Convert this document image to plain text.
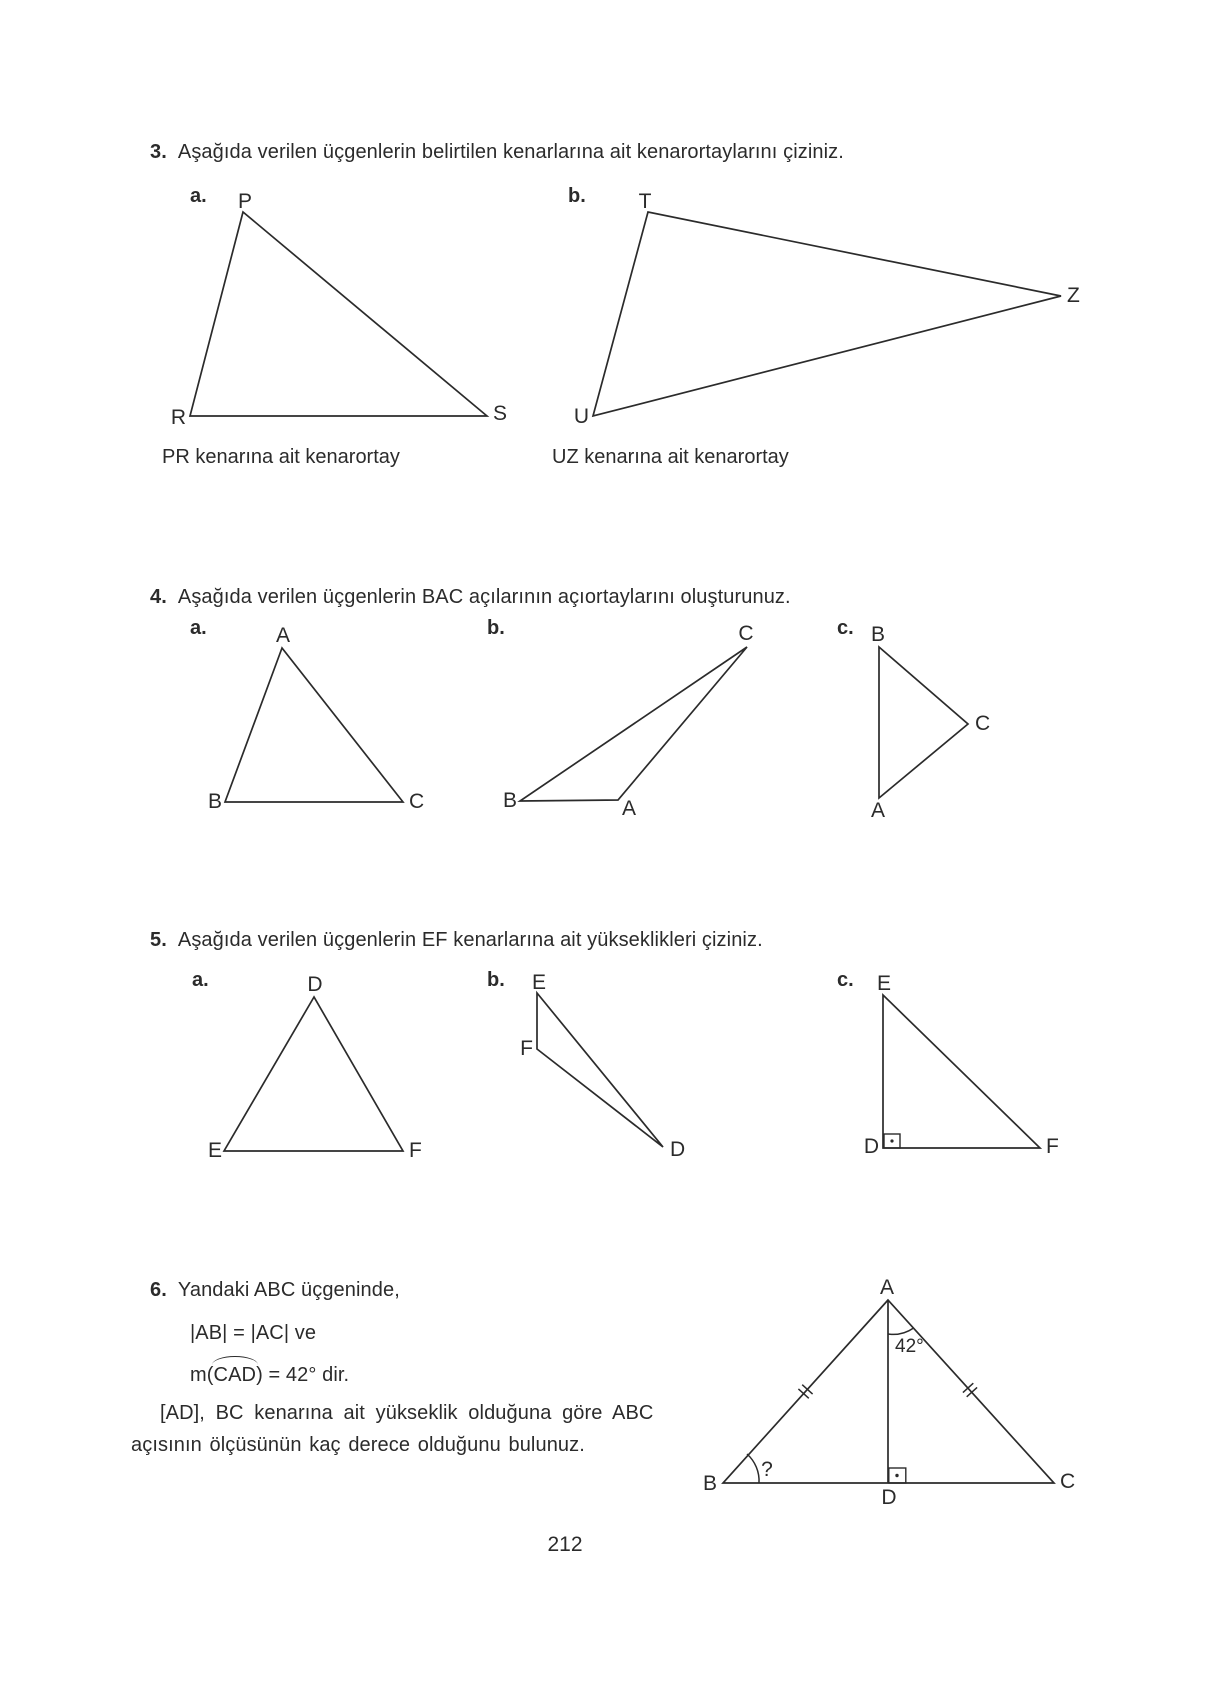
3. Aşağıda verilen üçgenlerin belirtilen kenarlarına ait kenarortaylarını çiziniz.
PR kenarına ait kenarortay	UZ kenarına ait kenarortay
4. Aşağıda verilen üçgenlerin BAC açılarının açıortaylarını oluşturunuz.
5. Aşağıda verilen üçgenlerin EF kenarlarına ait yükseklikleri çiziniz.
6. Yandaki ABC üçgeninde,
|AB| = |AC| ve
m(CAD) = 42° dir.
[AD], BC kenarına ait yükseklik olduğuna göre ABC
açısının ölçüsünün kaç derece olduğunu bulunuz.
212
a. P
R	S
b.	T
U
Z
a.	A
B	C
b.	C
B	A
c. B
C
A
a.	D
E	F
b. E
F
D
c. E
D	F
A
B	C
D
42°
?
